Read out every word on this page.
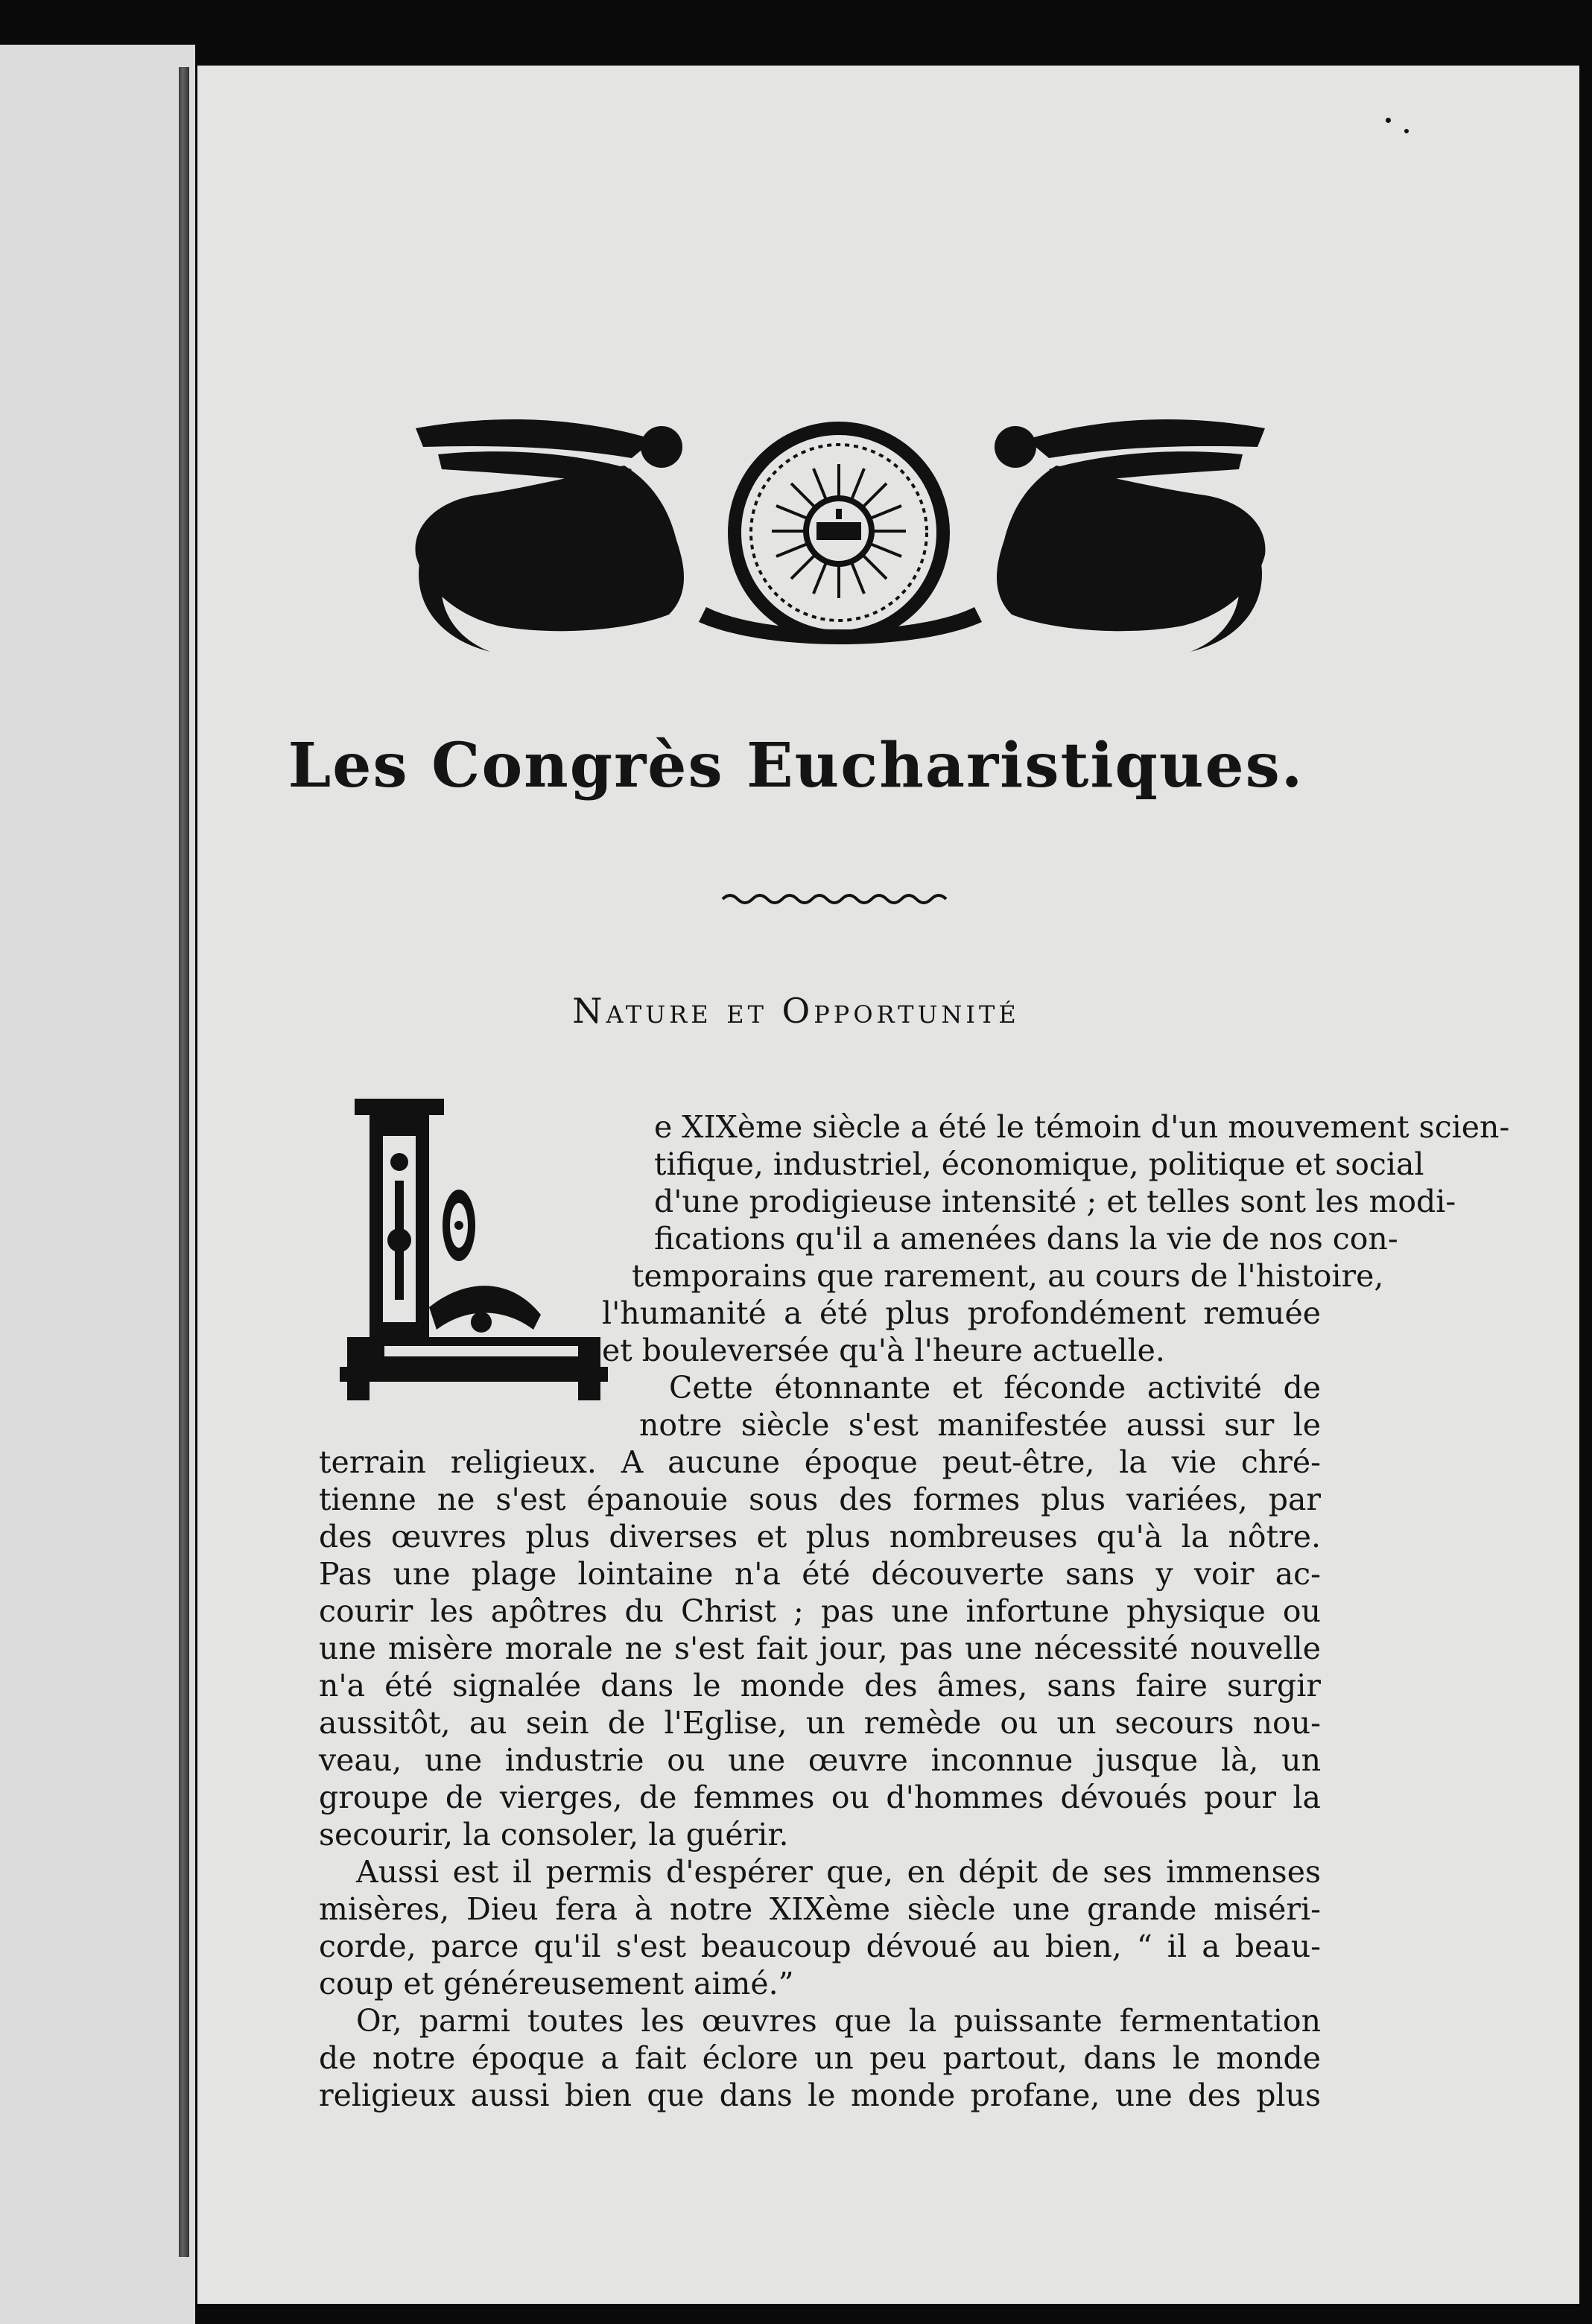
Les Congrès Eucharistiques.
Nature et Opportunité
L	e XIXème siècle a été le témoin d'un mouvement scien-

tifique, industriel, économique, politique et social

d'une prodigieuse intensité ; et telles sont les modi-

fications qu'il a amenées dans la vie de nos con-

temporains que rarement, au cours de l'histoire,

l'humanité a été plus profondément remuée

et bouleversée qu'à l'heure actuelle.

Cette étonnante et féconde activité de

notre siècle s'est manifestée aussi sur le

terrain religieux. A aucune époque peut-être, la vie chré-

tienne ne s'est épanouie sous des formes plus variées, par

des œuvres plus diverses et plus nombreuses qu'à la nôtre.

Pas une plage lointaine n'a été découverte sans y voir ac-

courir les apôtres du Christ ; pas une infortune physique ou

une misère morale ne s'est fait jour, pas une nécessité nouvelle

n'a été signalée dans le monde des âmes, sans faire surgir

aussitôt, au sein de l'Eglise, un remède ou un secours nou-

veau, une industrie ou une œuvre inconnue jusque là, un

groupe de vierges, de femmes ou d'hommes dévoués pour la

secourir, la consoler, la guérir.

Aussi est il permis d'espérer que, en dépit de ses immenses

misères, Dieu fera à notre XIXème siècle une grande miséri-

corde, parce qu'il s'est beaucoup dévoué au bien, “ il a beau-

coup et généreusement aimé.”

Or, parmi toutes les œuvres que la puissante fermentation

de notre époque a fait éclore un peu partout, dans le monde

religieux aussi bien que dans le monde profane, une des plus
